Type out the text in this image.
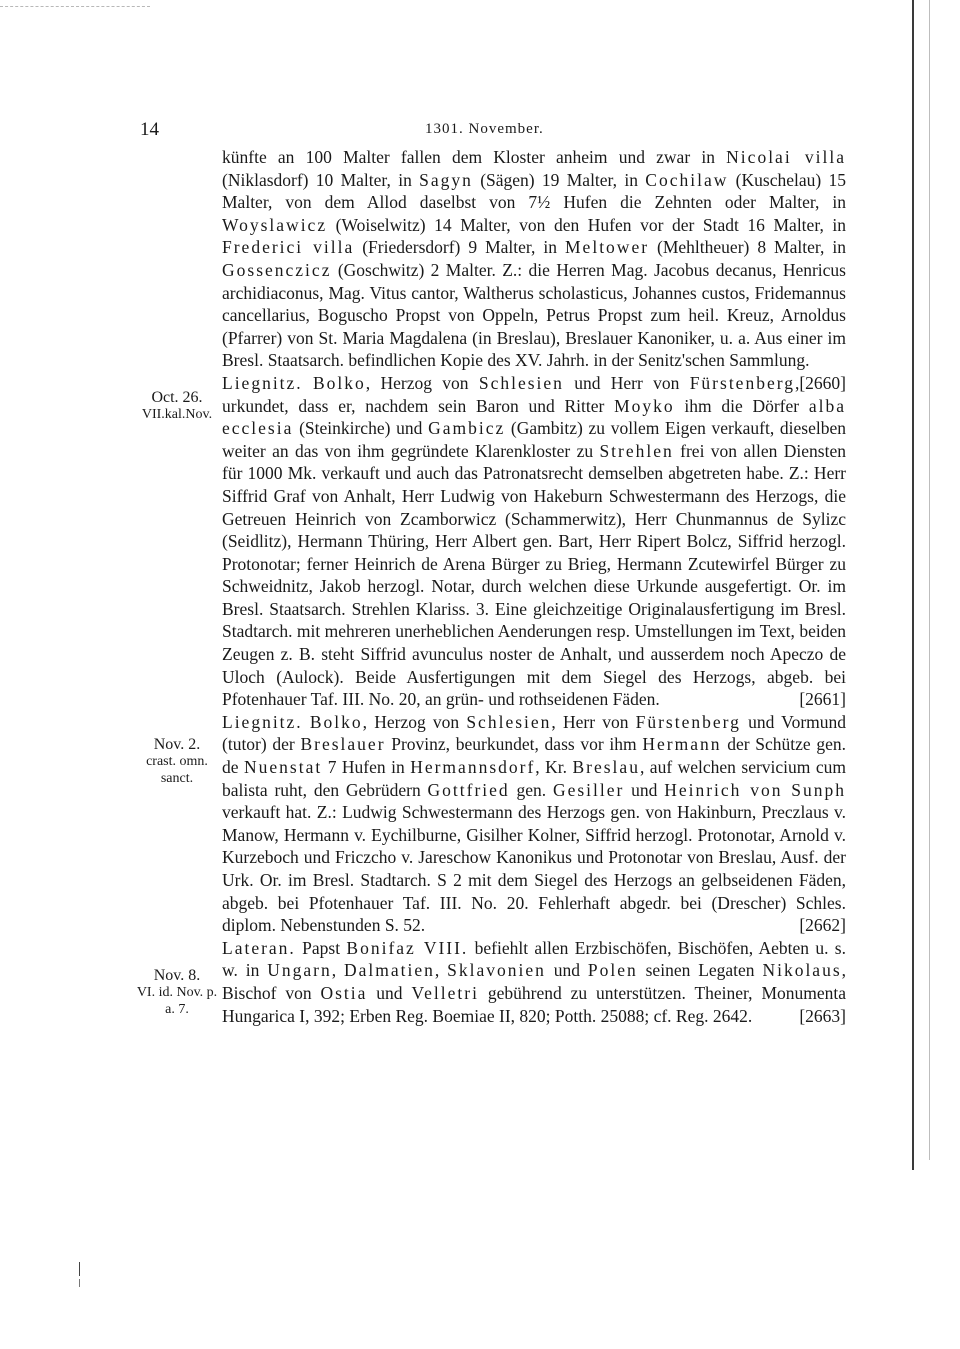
14	1301. November.
Oct. 26.
VII.kal.Nov.
Nov. 2.
crast. omn. sanct.
Nov. 8.
VI. id. Nov. p. a. 7.

künfte an 100 Malter fallen dem Kloster anheim und zwar in Nicolai villa (Niklasdorf) 10 Malter, in Sagyn (Sägen) 19 Malter, in Cochilaw (Kuschelau) 15 Malter, von dem Allod daselbst von 7½ Hufen die Zehnten oder Malter, in Woyslawicz (Woiselwitz) 14 Malter, von den Hufen vor der Stadt 16 Malter, in Frederici villa (Friedersdorf) 9 Malter, in Meltower (Mehltheuer) 8 Malter, in Gossenczicz (Goschwitz) 2 Malter. Z.: die Herren Mag. Jacobus decanus, Henricus archidiaconus, Mag. Vitus cantor, Waltherus scholasticus, Johannes custos, Fridemannus cancellarius, Boguscho Propst von Oppeln, Petrus Propst zum heil. Kreuz, Arnoldus (Pfarrer) von St. Maria Magdalena (in Breslau), Breslauer Kanoniker, u. a. Aus einer im Bresl. Staatsarch. befindlichen Kopie des XV. Jahrh. in der Senitz'schen Sammlung.
[2660]

Liegnitz. Bolko, Herzog von Schlesien und Herr von Fürstenberg, urkundet, dass er, nachdem sein Baron und Ritter Moyko ihm die Dörfer alba ecclesia (Steinkirche) und Gambicz (Gambitz) zu vollem Eigen verkauft, dieselben weiter an das von ihm gegründete Klarenkloster zu Strehlen frei von allen Diensten für 1000 Mk. verkauft und auch das Patronatsrecht demselben abgetreten habe. Z.: Herr Siffrid Graf von Anhalt, Herr Ludwig von Hakeburn Schwestermann des Herzogs, die Getreuen Heinrich von Zcamborwicz (Schammerwitz), Herr Chunmannus de Sylizc (Seidlitz), Hermann Thüring, Herr Albert gen. Bart, Herr Ripert Bolcz, Siffrid herzogl. Protonotar; ferner Heinrich de Arena Bürger zu Brieg, Hermann Zcutewirfel Bürger zu Schweidnitz, Jakob herzogl. Notar, durch welchen diese Urkunde ausgefertigt. Or. im Bresl. Staatsarch. Strehlen Klariss. 3. Eine gleichzeitige Originalausfertigung im Bresl. Stadtarch. mit mehreren unerheblichen Aenderungen resp. Umstellungen im Text, beiden Zeugen z. B. steht Siffrid avunculus noster de Anhalt, und ausserdem noch Apeczo de Uloch (Aulock). Beide Ausfertigungen mit dem Siegel des Herzogs, abgeb. bei Pfotenhauer Taf. III. No. 20, an grün- und rothseidenen Fäden.	[2661]

Liegnitz. Bolko, Herzog von Schlesien, Herr von Fürstenberg und Vormund (tutor) der Breslauer Provinz, beurkundet, dass vor ihm Hermann der Schütze gen. de Nuenstat 7 Hufen in Hermannsdorf, Kr. Breslau, auf welchen servicium cum balista ruht, den Gebrüdern Gottfried gen. Gesiller und Heinrich von Sunph verkauft hat. Z.: Ludwig Schwestermann des Herzogs gen. von Hakinburn, Preczlaus v. Manow, Hermann v. Eychilburne, Gisilher Kolner, Siffrid herzogl. Protonotar, Arnold v. Kurzeboch und Friczcho v. Jareschow Kanonikus und Protonotar von Breslau, Ausf. der Urk. Or. im Bresl. Stadtarch. S 2 mit dem Siegel des Herzogs an gelbseidenen Fäden, abgeb. bei Pfotenhauer Taf. III. No. 20. Fehlerhaft abgedr. bei (Drescher) Schles. diplom. Nebenstunden S. 52.	[2662]

Lateran. Papst Bonifaz VIII. befiehlt allen Erzbischöfen, Bischöfen, Aebten u. s. w. in Ungarn, Dalmatien, Sklavonien und Polen seinen Legaten Nikolaus, Bischof von Ostia und Velletri gebührend zu unterstützen. Theiner, Monumenta Hungarica I, 392; Erben Reg. Boemiae II, 820; Potth. 25088; cf. Reg. 2642.	[2663]
